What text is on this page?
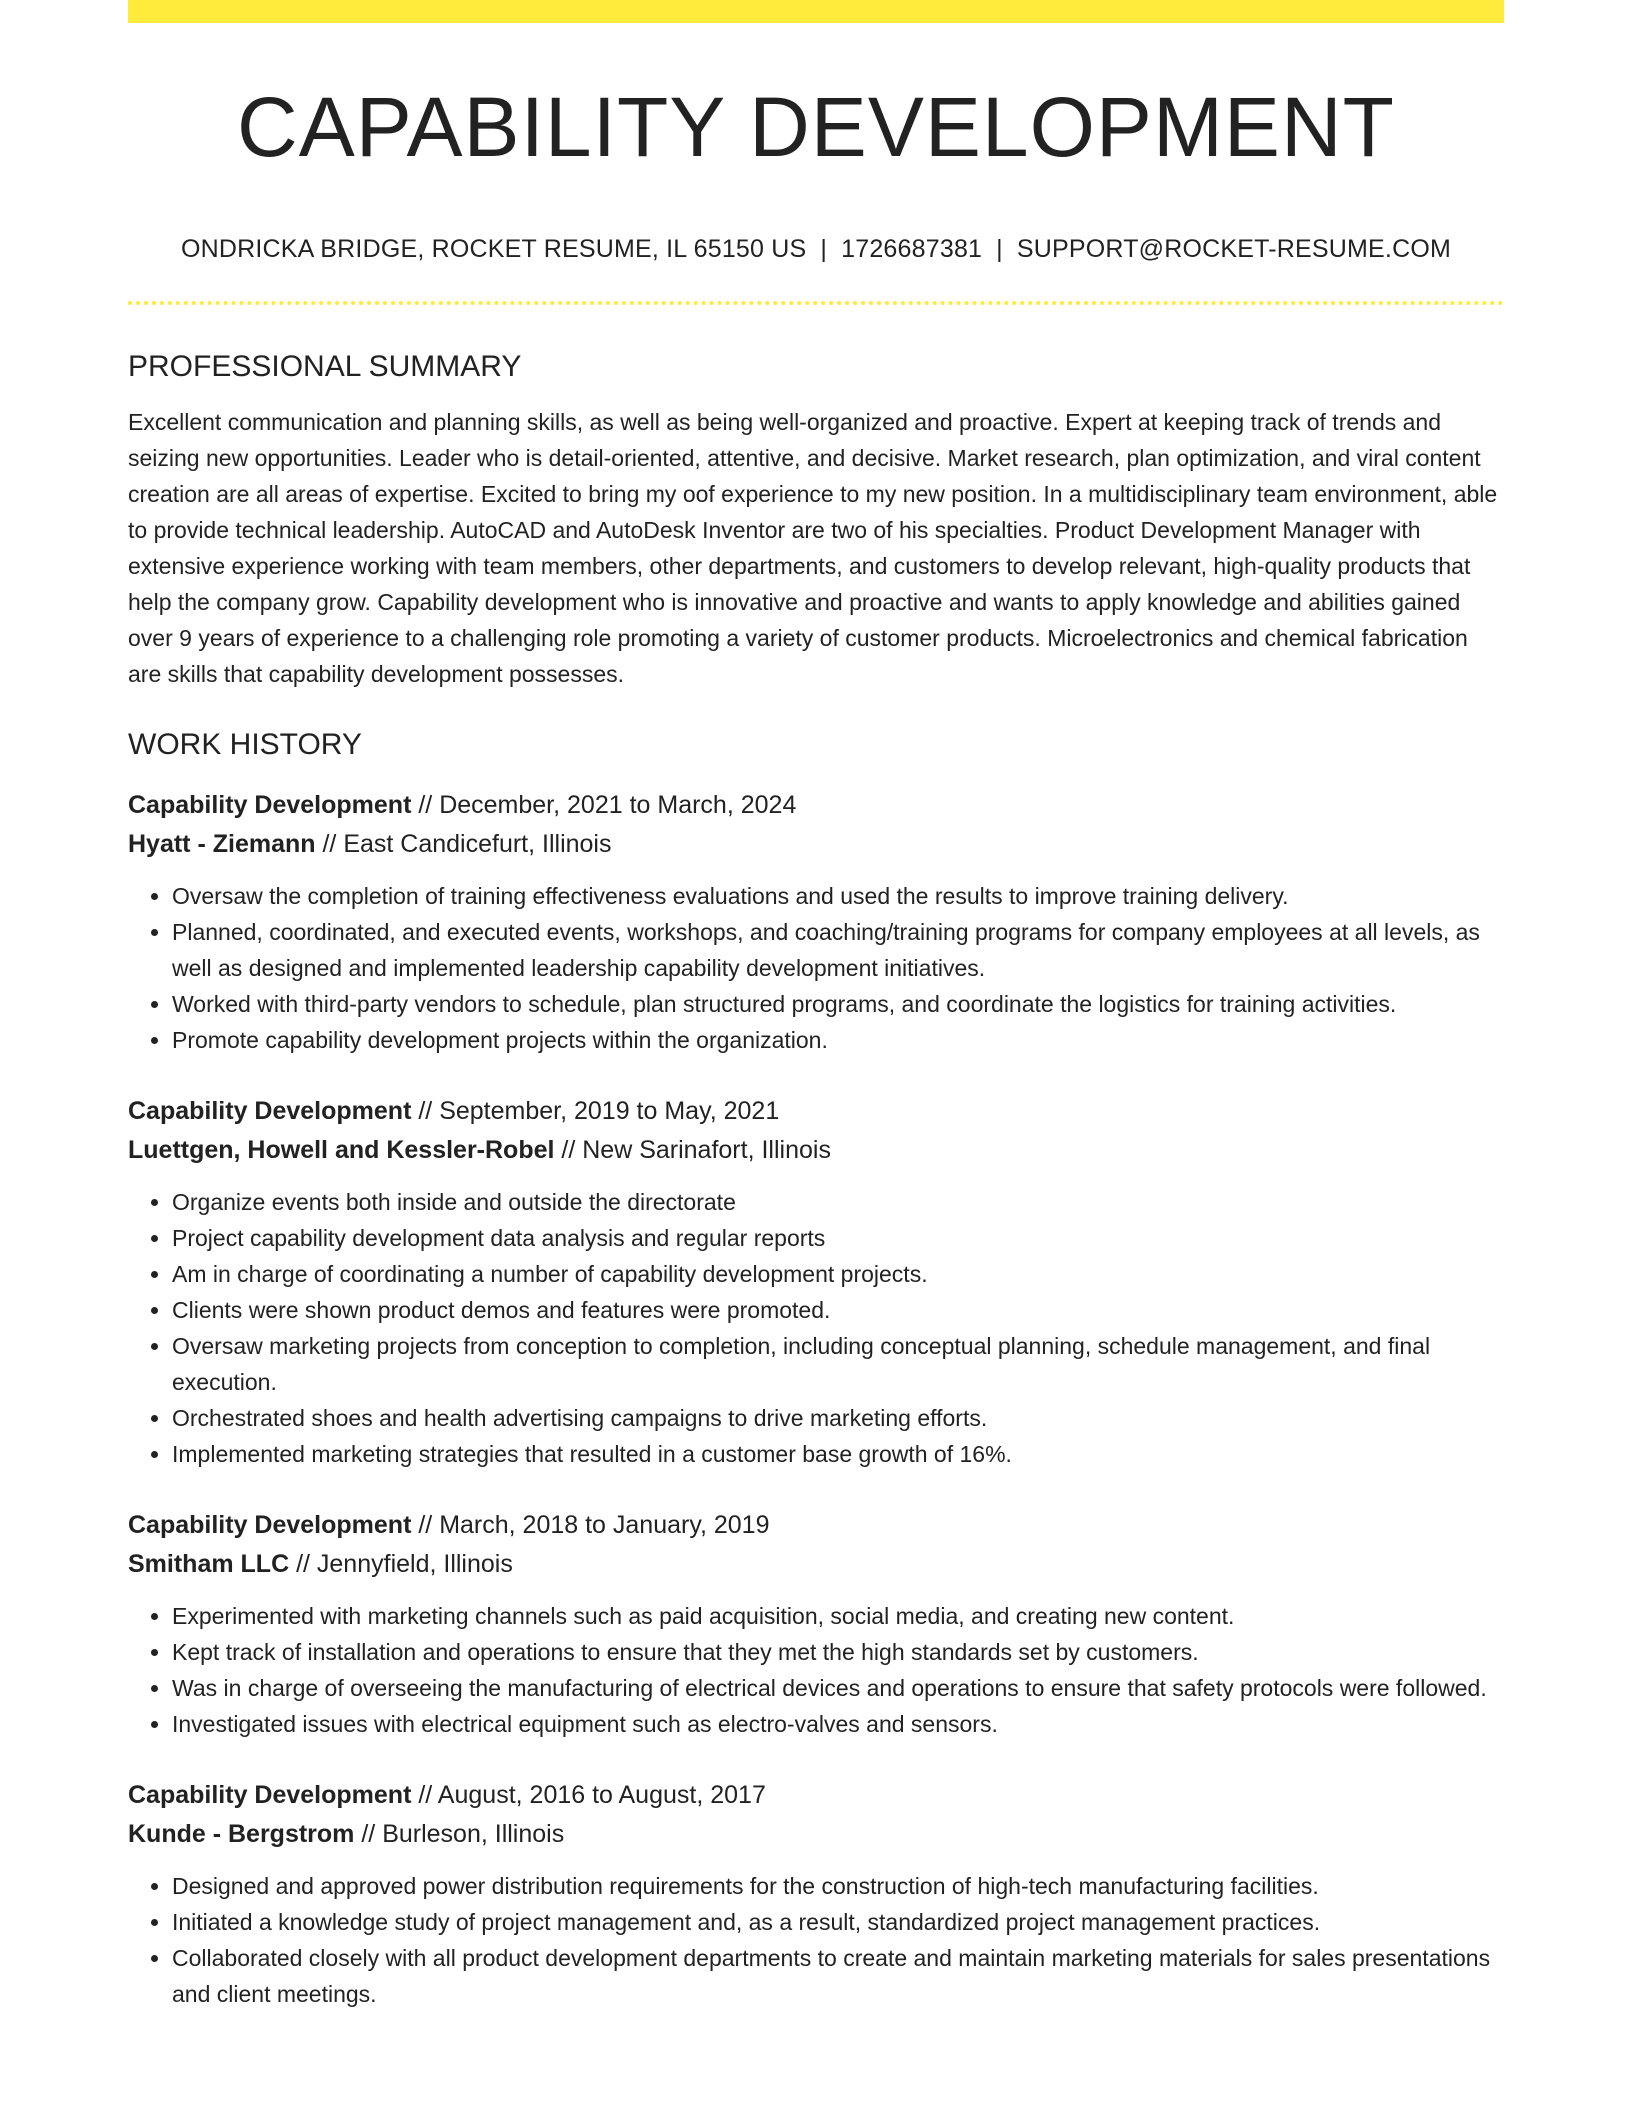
CAPABILITY DEVELOPMENT
ONDRICKA BRIDGE, ROCKET RESUME, IL 65150 US | 1726687381 | SUPPORT@ROCKET-RESUME.COM
PROFESSIONAL SUMMARY

Excellent communication and planning skills, as well as being well-organized and proactive. Expert at keeping track of trends and seizing new opportunities. Leader who is detail-oriented, attentive, and decisive. Market research, plan optimization, and viral content creation are all areas of expertise. Excited to bring my oof experience to my new position. In a multidisciplinary team environment, able to provide technical leadership. AutoCAD and AutoDesk Inventor are two of his specialties. Product Development Manager with extensive experience working with team members, other departments, and customers to develop relevant, high-quality products that help the company grow. Capability development who is innovative and proactive and wants to apply knowledge and abilities gained over 9 years of experience to a challenging role promoting a variety of customer products. Microelectronics and chemical fabrication are skills that capability development possesses.

WORK HISTORY
Capability Development // December, 2021 to March, 2024
Hyatt - Ziemann // East Candicefurt, Illinois
• Oversaw the completion of training effectiveness evaluations and used the results to improve training delivery.
• Planned, coordinated, and executed events, workshops, and coaching/training programs for company employees at all levels, as well as designed and implemented leadership capability development initiatives.
• Worked with third-party vendors to schedule, plan structured programs, and coordinate the logistics for training activities.
• Promote capability development projects within the organization.
Capability Development // September, 2019 to May, 2021
Luettgen, Howell and Kessler-Robel // New Sarinafort, Illinois
• Organize events both inside and outside the directorate
• Project capability development data analysis and regular reports
• Am in charge of coordinating a number of capability development projects.
• Clients were shown product demos and features were promoted.
• Oversaw marketing projects from conception to completion, including conceptual planning, schedule management, and final execution.
• Orchestrated shoes and health advertising campaigns to drive marketing efforts.
• Implemented marketing strategies that resulted in a customer base growth of 16%.
Capability Development // March, 2018 to January, 2019
Smitham LLC // Jennyfield, Illinois
• Experimented with marketing channels such as paid acquisition, social media, and creating new content.
• Kept track of installation and operations to ensure that they met the high standards set by customers.
• Was in charge of overseeing the manufacturing of electrical devices and operations to ensure that safety protocols were followed.
• Investigated issues with electrical equipment such as electro-valves and sensors.
Capability Development // August, 2016 to August, 2017
Kunde - Bergstrom // Burleson, Illinois
• Designed and approved power distribution requirements for the construction of high-tech manufacturing facilities.
• Initiated a knowledge study of project management and, as a result, standardized project management practices.
• Collaborated closely with all product development departments to create and maintain marketing materials for sales presentations and client meetings.
